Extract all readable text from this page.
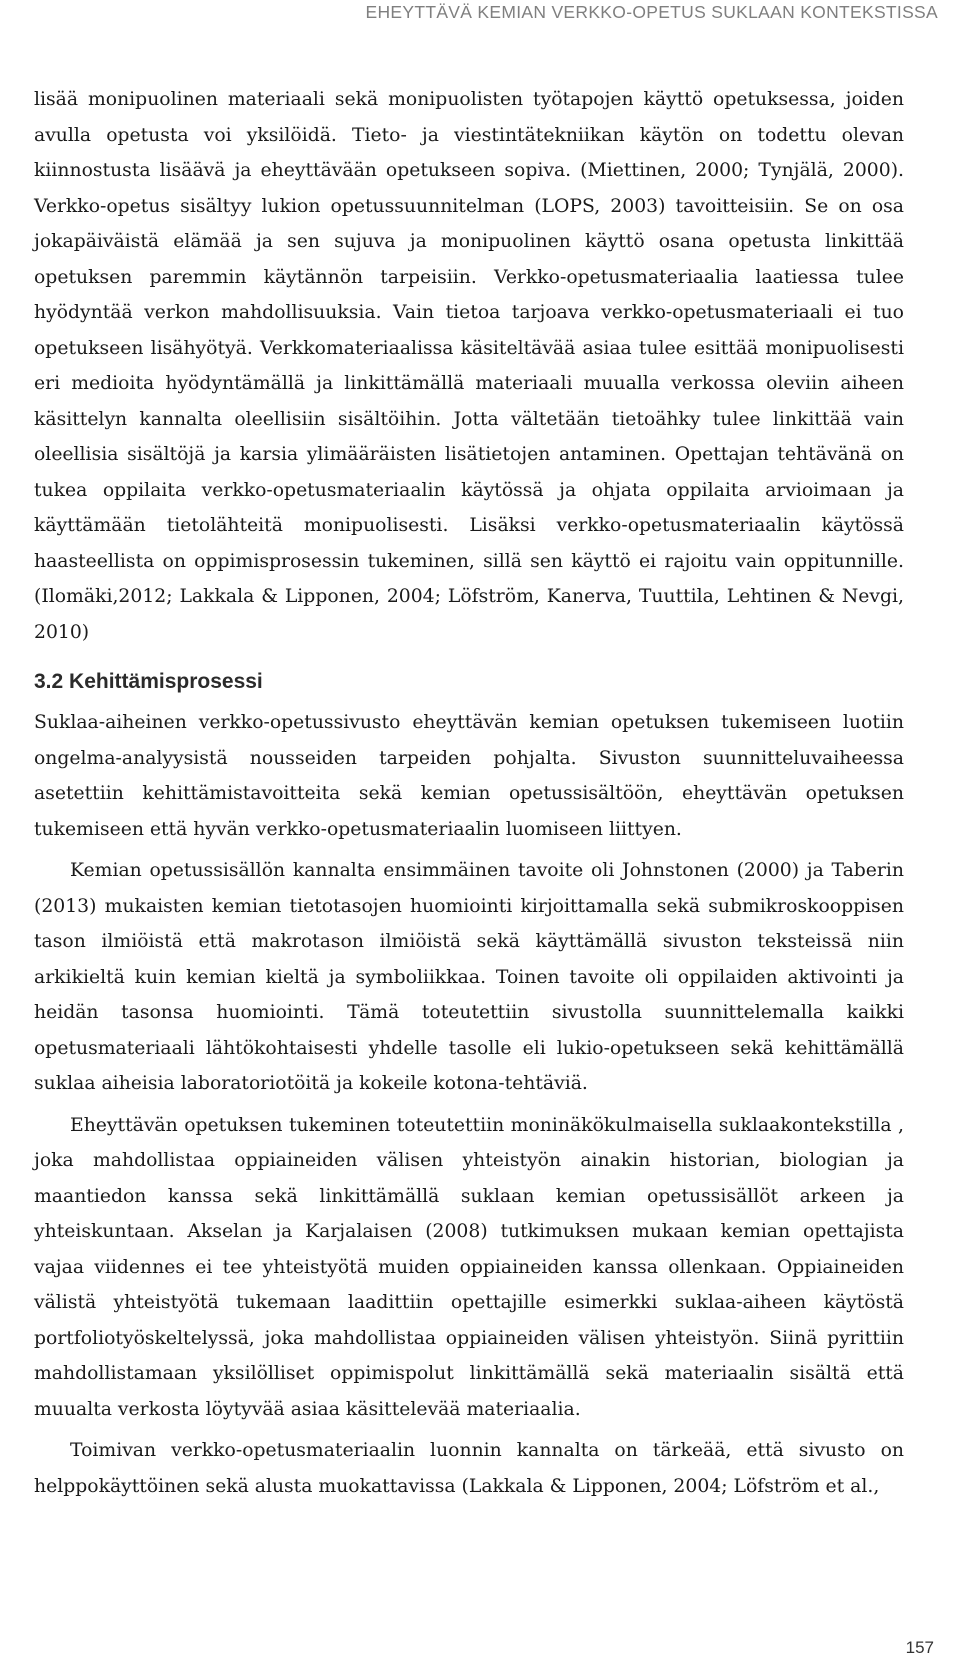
EHEYTTÄVÄ KEMIAN VERKKO-OPETUS SUKLAAN KONTEKSTISSA

lisää monipuolinen materiaali sekä monipuolisten työtapojen käyttö opetuksessa, joiden avulla opetusta voi yksilöidä. Tieto- ja viestintätekniikan käytön on todettu olevan kiinnostusta lisäävä ja eheyttävään opetukseen sopiva. (Miettinen, 2000; Tynjälä, 2000). Verkko-opetus sisältyy lukion opetussuunnitelman (LOPS, 2003) tavoitteisiin. Se on osa jokapäiväistä elämää ja sen sujuva ja monipuolinen käyttö osana opetusta linkittää opetuksen paremmin käytännön tarpeisiin. Verkko-opetusmateriaalia laatiessa tulee hyödyntää verkon mahdollisuuksia. Vain tietoa tarjoava verkko-opetusmateriaali ei tuo opetukseen lisähyötyä. Verkkomateriaalissa käsiteltävää asiaa tulee esittää monipuolisesti eri medioita hyödyntämällä ja linkittämällä materiaali muualla verkossa oleviin aiheen käsittelyn kannalta oleellisiin sisältöihin. Jotta vältetään tietoähky tulee linkittää vain oleellisia sisältöjä ja karsia ylimääräisten lisätietojen antaminen. Opettajan tehtävänä on tukea oppilaita verkko-opetusmateriaalin käytössä ja ohjata oppilaita arvioimaan ja käyttämään tietolähteitä monipuolisesti. Lisäksi verkko-opetusmateriaalin käytössä haasteellista on oppimisprosessin tukeminen, sillä sen käyttö ei rajoitu vain oppitunnille. (Ilomäki,2012; Lakkala & Lipponen, 2004; Löfström, Kanerva, Tuuttila, Lehtinen & Nevgi, 2010)

3.2 Kehittämisprosessi

Suklaa-aiheinen verkko-opetussivusto eheyttävän kemian opetuksen tukemiseen luotiin ongelma-analyysistä nousseiden tarpeiden pohjalta. Sivuston suunnitteluvaiheessa asetettiin kehittämistavoitteita sekä kemian opetussisältöön, eheyttävän opetuksen tukemiseen että hyvän verkko-opetusmateriaalin luomiseen liittyen.

Kemian opetussisällön kannalta ensimmäinen tavoite oli Johnstonen (2000) ja Taberin (2013) mukaisten kemian tietotasojen huomiointi kirjoittamalla sekä submikroskooppisen tason ilmiöistä että makrotason ilmiöistä sekä käyttämällä sivuston teksteissä niin arkikieltä kuin kemian kieltä ja symboliikkaa. Toinen tavoite oli oppilaiden aktivointi ja heidän tasonsa huomiointi. Tämä toteutettiin sivustolla suunnittelemalla kaikki opetusmateriaali lähtökohtaisesti yhdelle tasolle eli lukio-opetukseen sekä kehittämällä suklaa aiheisia laboratoriotöitä ja kokeile kotona-tehtäviä.

Eheyttävän opetuksen tukeminen toteutettiin moninäkökulmaisella suklaakontekstilla , joka mahdollistaa oppiaineiden välisen yhteistyön ainakin historian, biologian ja maantiedon kanssa sekä linkittämällä suklaan kemian opetussisällöt arkeen ja yhteiskuntaan. Akselan ja Karjalaisen (2008) tutkimuksen mukaan kemian opettajista vajaa viidennes ei tee yhteistyötä muiden oppiaineiden kanssa ollenkaan. Oppiaineiden välistä yhteistyötä tukemaan laadittiin opettajille esimerkki suklaa-aiheen käytöstä portfoliotyöskeltelyssä, joka mahdollistaa oppiaineiden välisen yhteistyön. Siinä pyrittiin mahdollistamaan yksilölliset oppimispolut linkittämällä sekä materiaalin sisältä että muualta verkosta löytyvää asiaa käsittelevää materiaalia.

Toimivan verkko-opetusmateriaalin luonnin kannalta on tärkeää, että sivusto on helppokäyttöinen sekä alusta muokattavissa (Lakkala & Lipponen, 2004; Löfström et al.,

157
